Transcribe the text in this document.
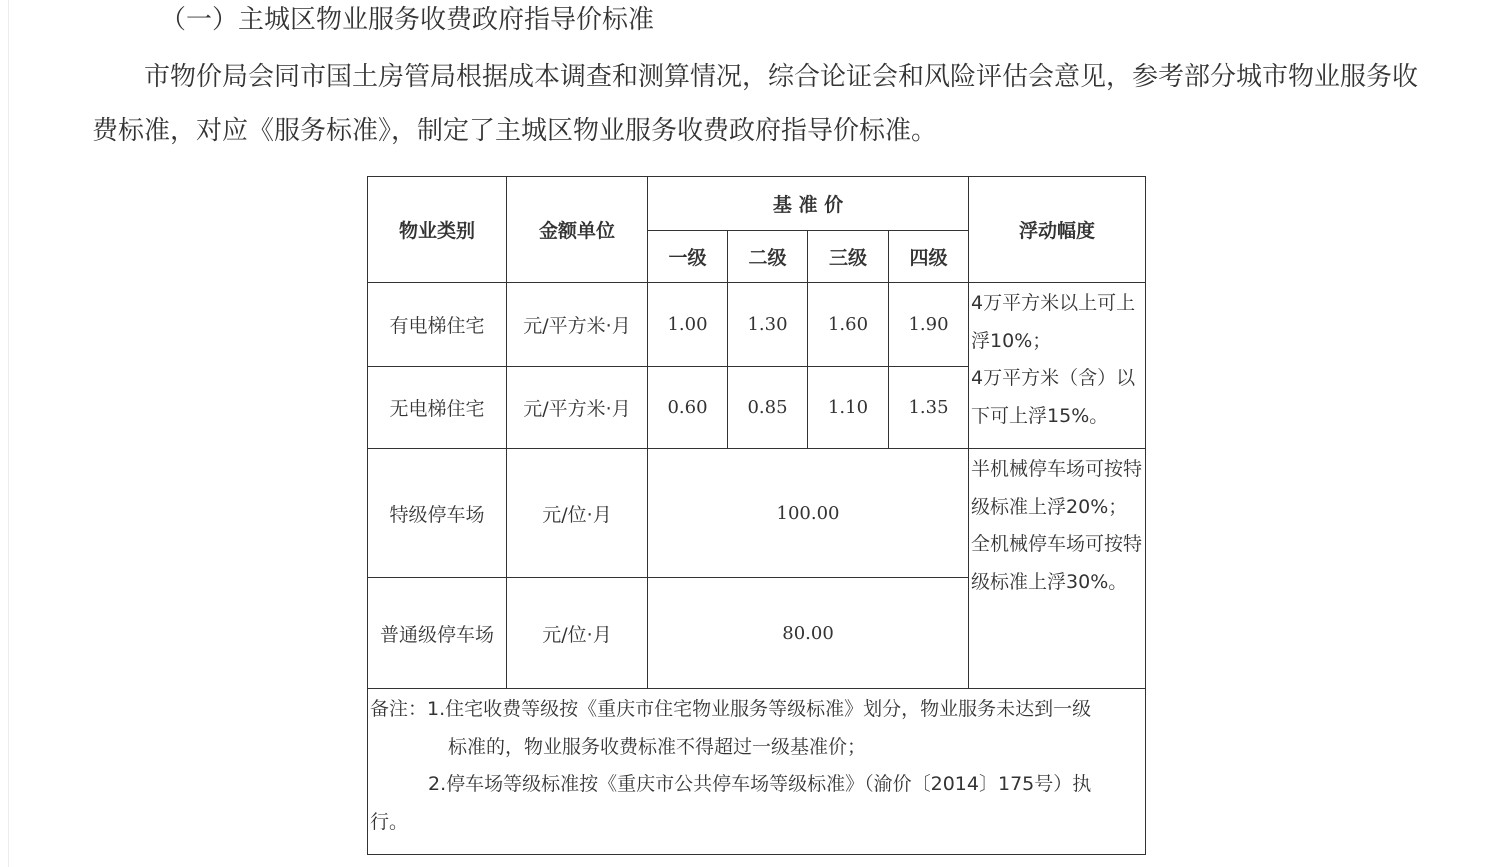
（一）主城区物业服务收费政府指导价标准

市物价局会同市国土房管局根据成本调查和测算情况，综合论证会和风险评估会意见，参考部分城市物业服务收费标准，对应《服务标准》，制定了主城区物业服务收费政府指导价标准。

物业类别	金额单位	基 准 价				浮动幅度
		一级	二级	三级	四级	
有电梯住宅	元/平方米·月	1.00	1.30	1.60	1.90	4万平方米以上可上浮10%；
4万平方米（含）以下可上浮15%。

无电梯住宅	元/平方米·月	0.60	0.85	1.10	1.35	
特级停车场	元/位·月	100.00				半机械停车场可按特级标准上浮20%；
全机械停车场可按特级标准上浮30%。

普通级停车场	元/位·月	80.00				
备注：1.住宅收费等级按《重庆市住宅物业服务等级标准》划分，物业服务未达到一级
标准的，物业服务收费标准不得超过一级基准价；
2.停车场等级标准按《重庆市公共停车场等级标准》（渝价〔2014〕175号）执
行。						
